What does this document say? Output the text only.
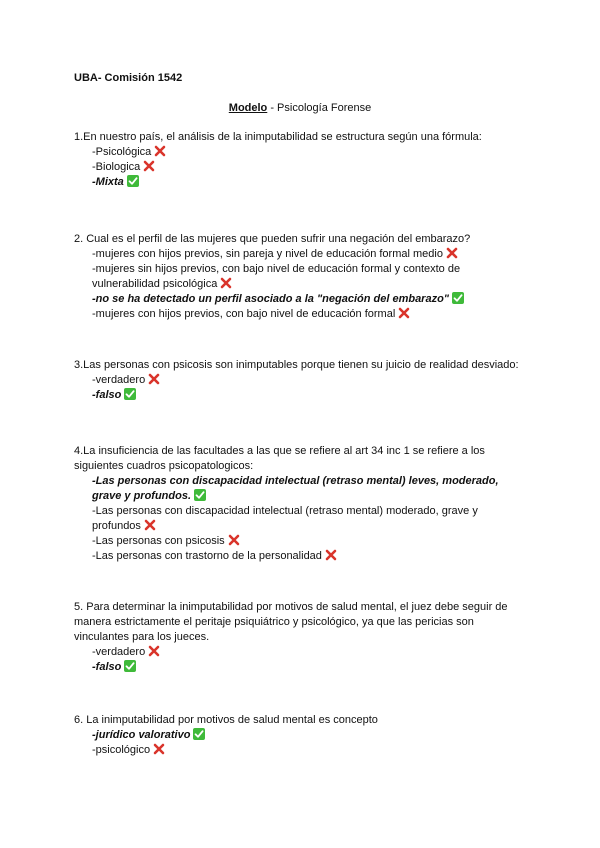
UBA- Comisión 1542
Modelo - Psicología Forense

1.En nuestro país, el análisis de la inimputabilidad se estructura según una fórmula:

-Psicológica
-Biologica
-Mixta

2. Cual es el perfil de las mujeres que pueden sufrir una negación del embarazo?

-mujeres con hijos previos, sin pareja y nivel de educación formal medio
-mujeres sin hijos previos, con bajo nivel de educación formal y contexto de vulnerabilidad psicológica
-no se ha detectado un perfil asociado a la "negación del embarazo"
-mujeres con hijos previos, con bajo nivel de educación formal

3.Las personas con psicosis son inimputables porque tienen su juicio de realidad desviado:

-verdadero
-falso

4.La insuficiencia de las facultades a las que se refiere al art 34 inc 1 se refiere a los siguientes cuadros psicopatologicos:

-Las personas con discapacidad intelectual (retraso mental) leves, moderado, grave y profundos.
-Las personas con discapacidad intelectual (retraso mental) moderado, grave y profundos
-Las personas con psicosis
-Las personas con trastorno de la personalidad

5. Para determinar la inimputabilidad por motivos de salud mental, el juez debe seguir de manera estrictamente el peritaje psiquiátrico y psicológico, ya que las pericias son vinculantes para los jueces.

-verdadero
-falso

6. La inimputabilidad por motivos de salud mental es concepto

-jurídico valorativo
-psicológico
